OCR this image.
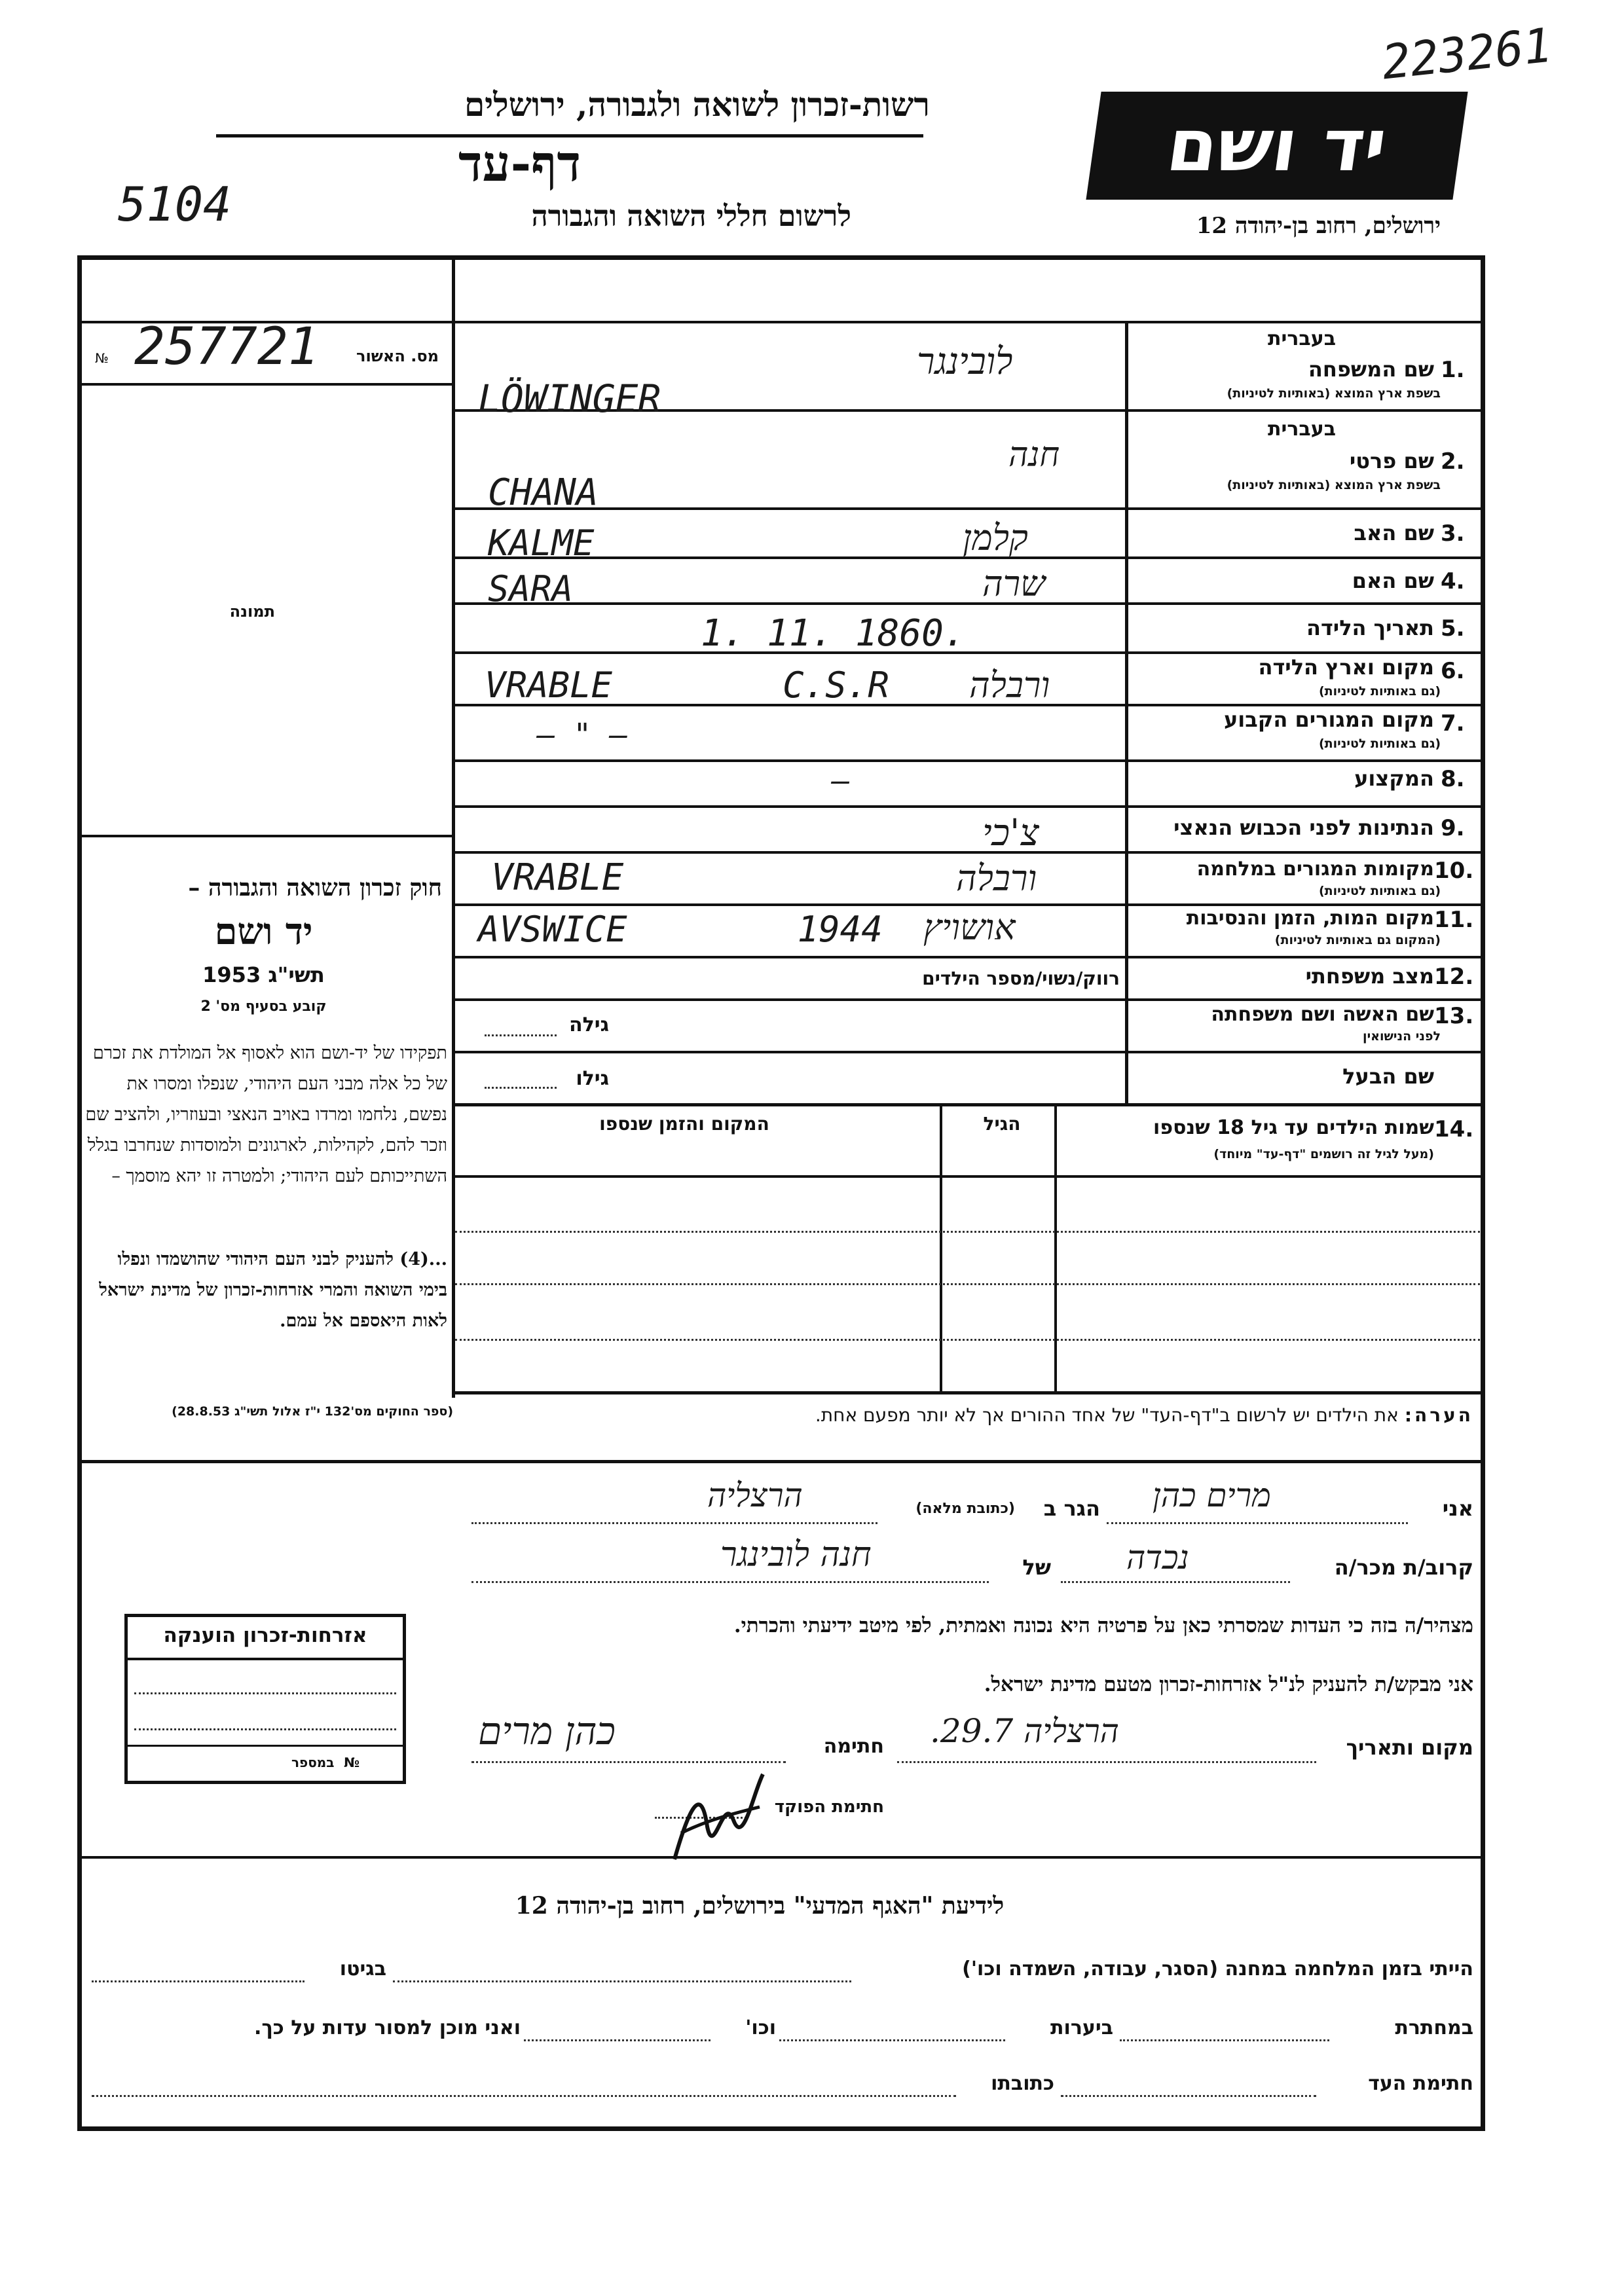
223261
רשות-זכרון לשואה ולגבורה, ירושלים
דף-עד
5104	לרשום חללי השואה והגבורה
יד ושם
ירושלים, רחוב בן-יהודה 12
מס. האשור
№ 257721
תמונה
חוק זכרון השואה והגבורה –
יד ושם
תשי"ג 1953
קובע בסעיף מס' 2
תפקידו של יד-ושם הוא לאסוף אל המולדת את זכרם של כל אלה מבני העם היהודי, שנפלו ומסרו את נפשם, נלחמו ומרדו באויב הנאצי ובעוזריו, ולהציב שם וזכר להם, לקהילות, לארגונים ולמוסדות שנחרבו בגלל השתייכותם לעם היהודי; ולמטרה זו יהא מוסמך –
...(4) להעניק לבני העם היהודי שהושמדו ונפלו בימי השואה והמרי אזרחות-זכרון של מדינת ישראל לאות היאספם אל עמם.
(ספר החוקים מס'132 י"ז אלול תשי"ג 28.8.53)
בעברית
שם המשפחה 1.
בשפת ארץ המוצא (באותיות לטיניות)
בעברית
שם פרטי 2.
בשפת ארץ המוצא (באותיות לטיניות)
שם האב 3.
שם האם 4.
תאריך הלידה 5.
מקום וארץ הלידה 6.
(גם באותיות לטיניות)
מקום המגורים הקבוע 7.
(גם באותיות לטיניות)
המקצוע 8.
הנתינות לפני הכבוש הנאצי 9.
מקומות המגורים במלחמה 10.
(גם באותיות לטיניות)
מקום המות, הזמן והנסיבות 11.
(המקום גם באותיות לטיניות)
מצב משפחתי 12.
שם האשה ושם משפחתה 13.
לפני הנישואין
שם הבעל
לובינגר
LÖWINGER
חנה
CHANA
קלמן
KALME
שרה
SARA
1. 11. 1860.
ורבלה
VRABLE        C.S.R
– " –
—
צ'כי
ורבלה
VRABLE
אושויץ
AVSWICE        1944
רווק/נשוי/מספר הילדים
גילה
גילו
שמות הילדים עד גיל 18 שנספו 14.
(מעל לגיל זה רושמים "דף-עד" מיוחד)
הגיל
המקום והזמן שנספו
הערה: את הילדים יש לרשום ב"דף-העד" של אחד ההורים אך לא יותר מפעם אחת.
אני
מרים כהן
הגר ב
(כתובת מלאה)
הרצליה
קרוב/ת מכר/ה
נכדה
של
חנה לובינגר
מצהיר/ה בזה כי העדות שמסרתי כאן על פרטיה היא נכונה ואמתית, לפי מיטב ידיעתי והכרתי.
אני מבקש/ת להעניק לנ"ל אזרחות-זכרון מטעם מדינת ישראל.
מקום ותאריך
הרצליה 29.7.
חתימה
כהן מרים
חתימת הפוקד
אזרחות-זכרון הוענקה
במספר №
לידיעת "האגף המדעי" בירושלים, רחוב בן-יהודה 12
הייתי בזמן המלחמה במחנה (הסגר, עבודה, השמדה וכו')
בגיטו
במחתרת
ביערות
וכו'
ואני מוכן למסור עדות על כך.
חתימת העד
כתובתו
